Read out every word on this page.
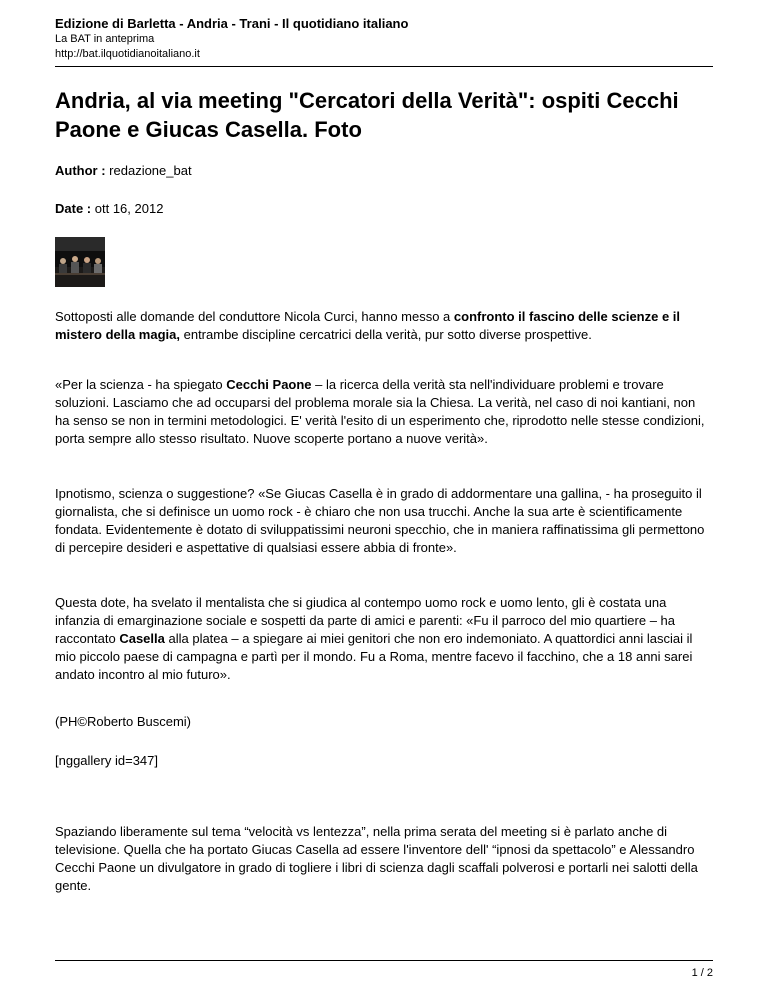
Edizione di Barletta - Andria - Trani - Il quotidiano italiano
La BAT in anteprima
http://bat.ilquotidianoitaliano.it
Andria, al via meeting "Cercatori della Verità": ospiti Cecchi Paone e Giucas Casella. Foto
Author : redazione_bat
Date : ott 16, 2012

Sottoposti alle domande del conduttore Nicola Curci, hanno messo a confronto il fascino delle scienze e il mistero della magia, entrambe discipline cercatrici della verità, pur sotto diverse prospettive.

«Per la scienza - ha spiegato Cecchi Paone – la ricerca della verità sta nell'individuare problemi e trovare soluzioni. Lasciamo che ad occuparsi del problema morale sia la Chiesa. La verità, nel caso di noi kantiani, non ha senso se non in termini metodologici. E' verità l'esito di un esperimento che, riprodotto nelle stesse condizioni, porta sempre allo stesso risultato. Nuove scoperte portano a nuove verità».

Ipnotismo, scienza o suggestione? «Se Giucas Casella è in grado di addormentare una gallina, - ha proseguito il giornalista, che si definisce un uomo rock - è chiaro che non usa trucchi. Anche la sua arte è scientificamente fondata. Evidentemente è dotato di sviluppatissimi neuroni specchio, che in maniera raffinatissima gli permettono di percepire desideri e aspettative di qualsiasi essere abbia di fronte».

Questa dote, ha svelato il mentalista che si giudica al contempo uomo rock e uomo lento, gli è costata una infanzia di emarginazione sociale e sospetti da parte di amici e parenti: «Fu il parroco del mio quartiere – ha raccontato Casella alla platea – a spiegare ai miei genitori che non ero indemoniato. A quattordici anni lasciai il mio piccolo paese di campagna e partì per il mondo. Fu a Roma, mentre facevo il facchino, che a 18 anni sarei andato incontro al mio futuro».

(PH©Roberto Buscemi)

[nggallery id=347]

Spaziando liberamente sul tema “velocità vs lentezza”, nella prima serata del meeting si è parlato anche di televisione. Quella che ha portato Giucas Casella ad essere l'inventore dell' “ipnosi da spettacolo” e Alessandro Cecchi Paone un divulgatore in grado di togliere i libri di scienza dagli scaffali polverosi e portarli nei salotti della gente.

1 / 2
